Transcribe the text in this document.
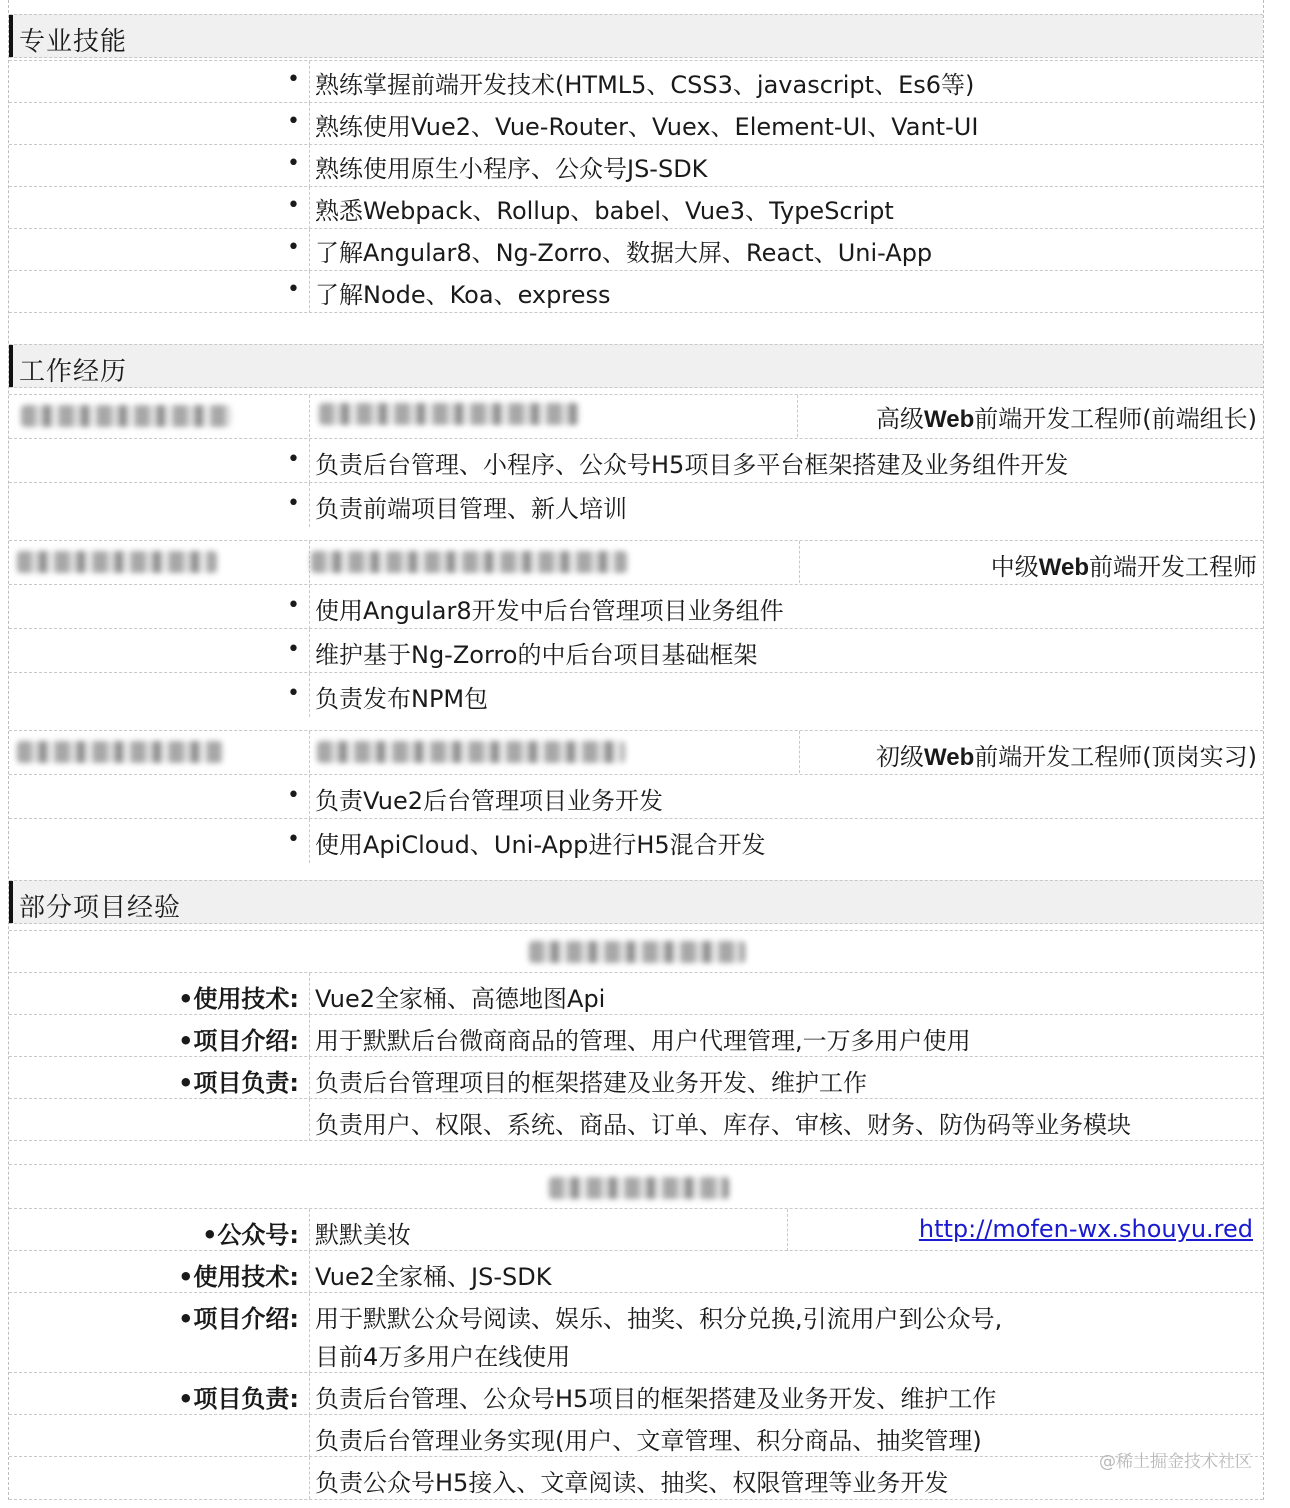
专业技能
• 熟练掌握前端开发技术(HTML5、CSS3、javascript、Es6等)
• 熟练使用Vue2、Vue-Router、Vuex、Element-UI、Vant-UI
• 熟练使用原生小程序、公众号JS-SDK
• 熟悉Webpack、Rollup、babel、Vue3、TypeScript
• 了解Angular8、Ng-Zorro、数据大屏、React、Uni-App
• 了解Node、Koa、express
工作经历
高级Web前端开发工程师(前端组长)
• 负责后台管理、小程序、公众号H5项目多平台框架搭建及业务组件开发
• 负责前端项目管理、新人培训
中级Web前端开发工程师
• 使用Angular8开发中后台管理项目业务组件
• 维护基于Ng-Zorro的中后台项目基础框架
• 负责发布NPM包
初级Web前端开发工程师(顶岗实习)
• 负责Vue2后台管理项目业务开发
• 使用ApiCloud、Uni-App进行H5混合开发
部分项目经验
•使用技术: Vue2全家桶、高德地图Api
•项目介绍: 用于默默后台微商商品的管理、用户代理管理,一万多用户使用
•项目负责: 负责后台管理项目的框架搭建及业务开发、维护工作
负责用户、权限、系统、商品、订单、库存、审核、财务、防伪码等业务模块
•公众号: 默默美妆	http://mofen-wx.shouyu.red
•使用技术: Vue2全家桶、JS-SDK
•项目介绍: 用于默默公众号阅读、娱乐、抽奖、积分兑换,引流用户到公众号,
目前4万多用户在线使用
•项目负责: 负责后台管理、公众号H5项目的框架搭建及业务开发、维护工作
负责后台管理业务实现(用户、文章管理、积分商品、抽奖管理)
负责公众号H5接入、文章阅读、抽奖、权限管理等业务开发
@稀土掘金技术社区
